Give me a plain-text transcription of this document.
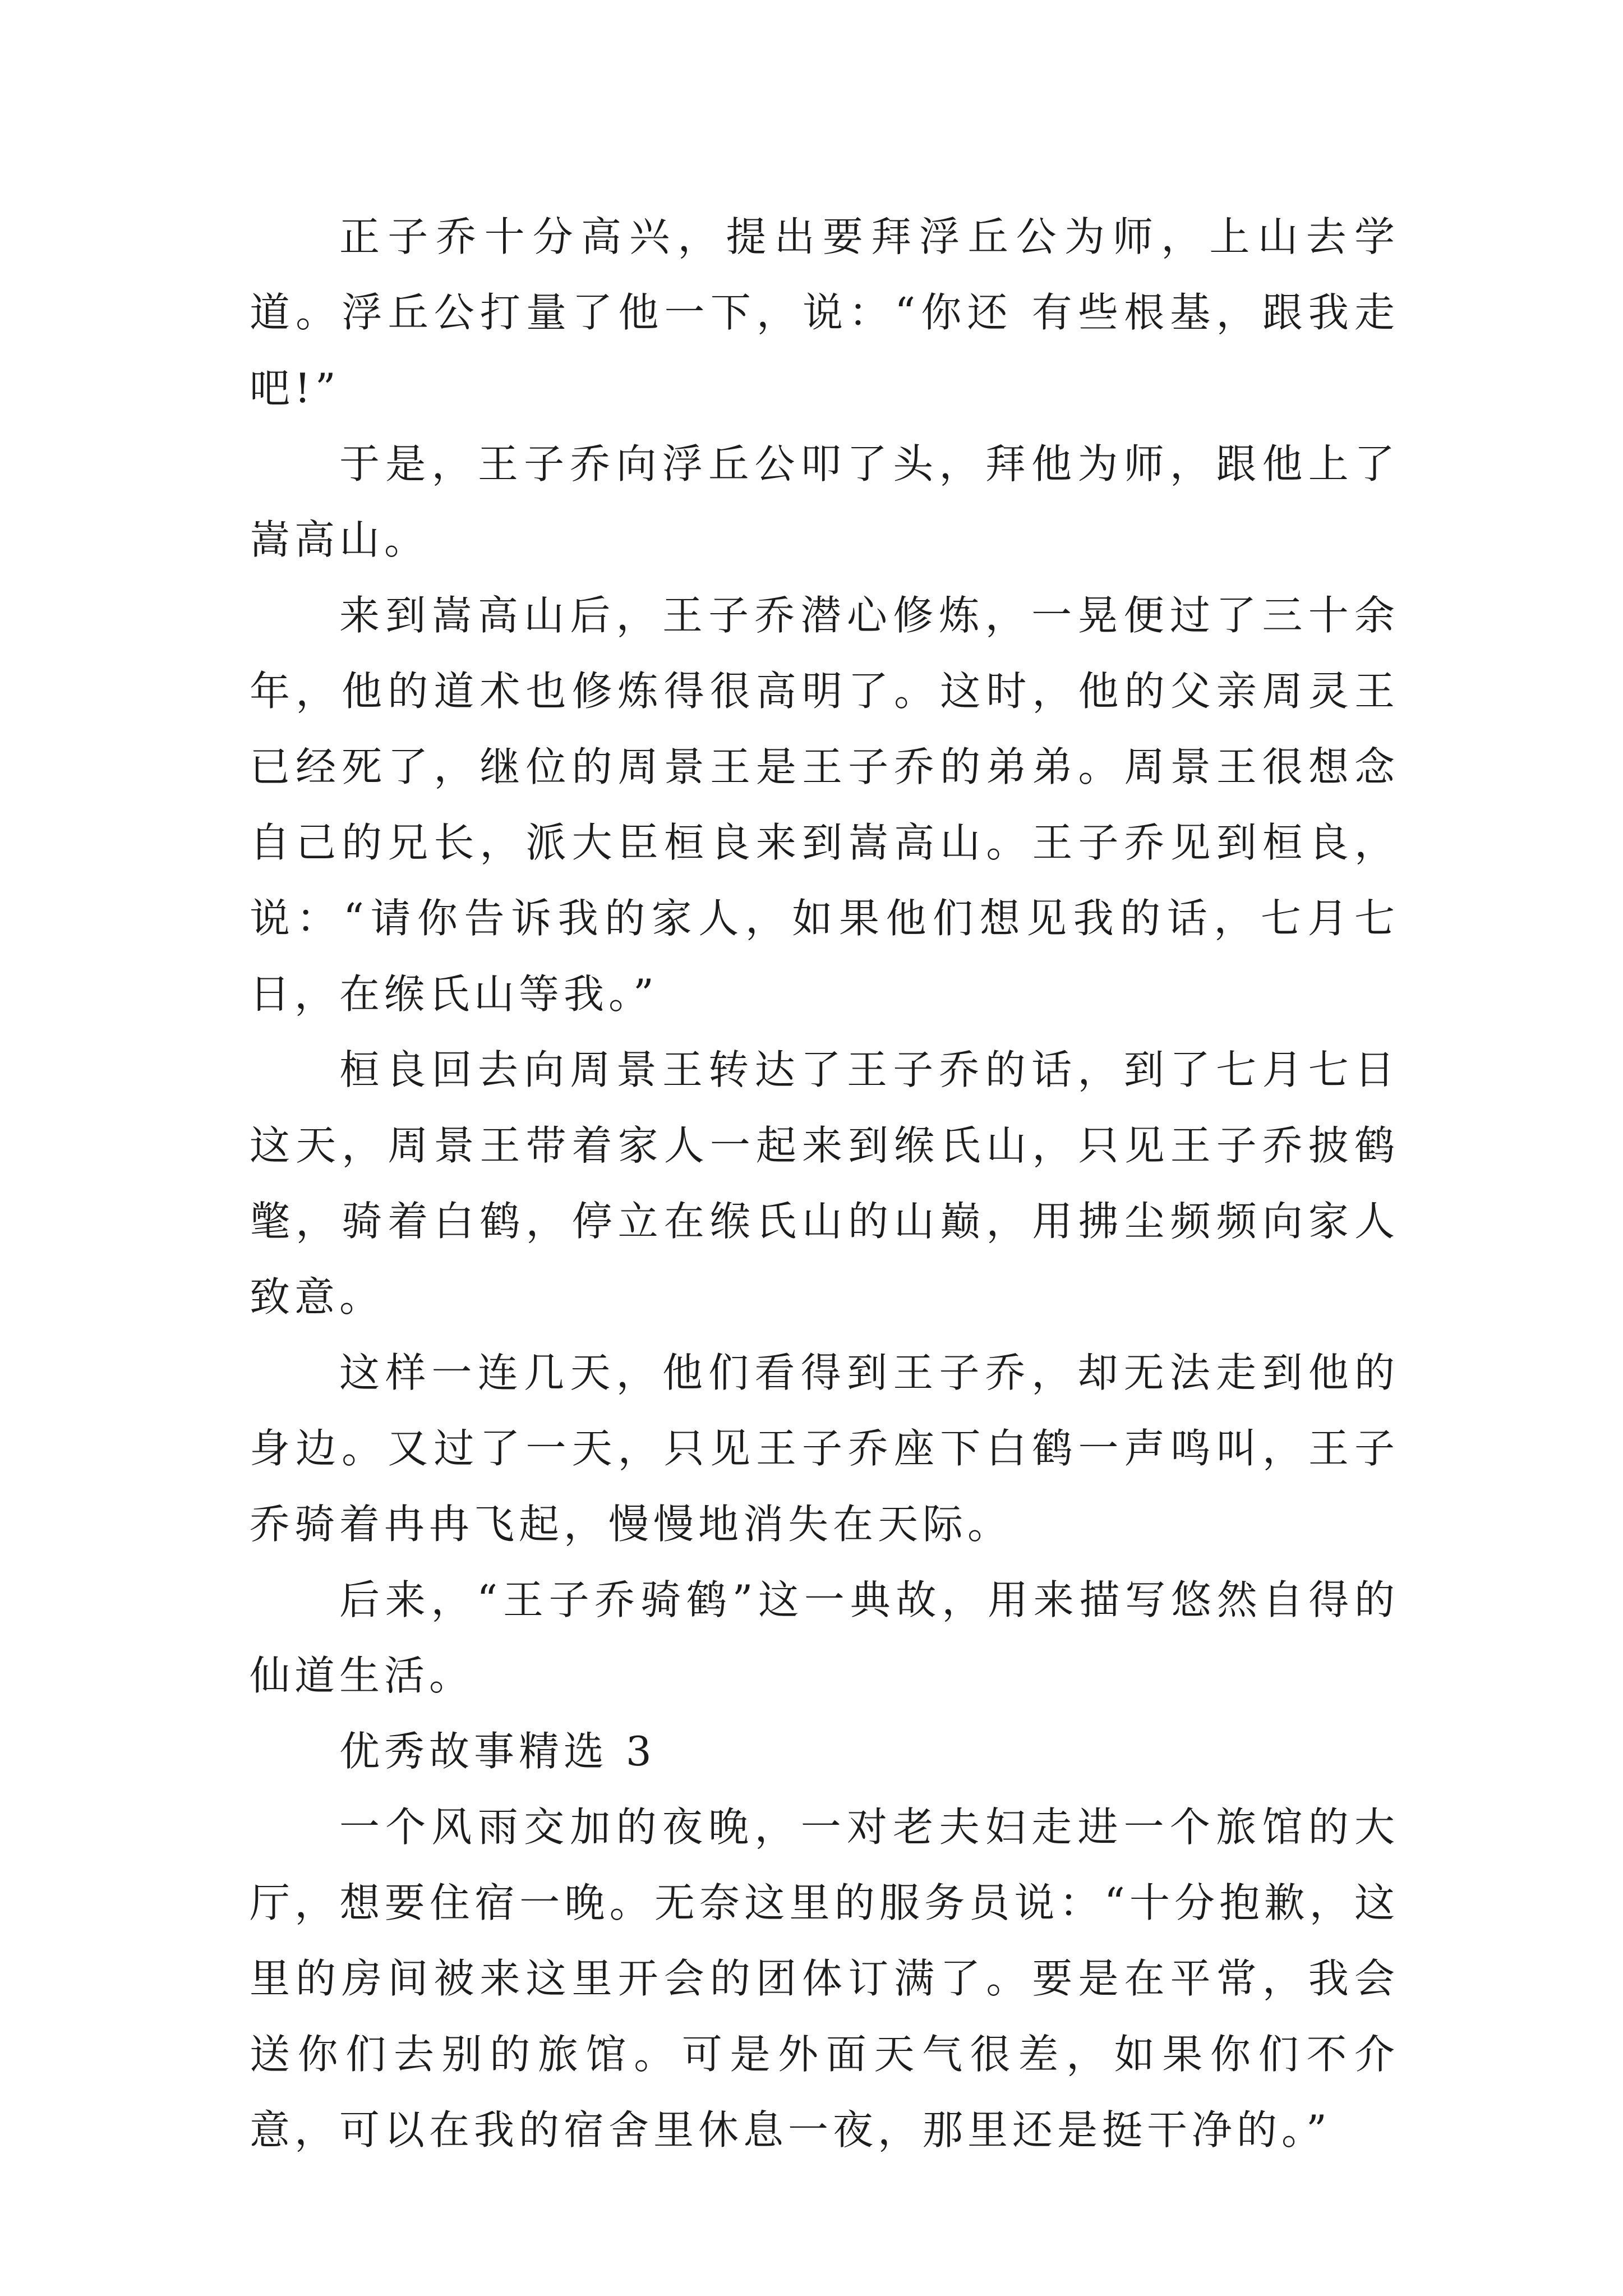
正子乔十分高兴，提出要拜浮丘公为师，上山去学道。浮丘公打量了他一下，说：“你还 有些根基，跟我走吧!”

于是，王子乔向浮丘公叩了头，拜他为师，跟他上了嵩高山。

来到嵩高山后，王子乔潜心修炼，一晃便过了三十余年，他的道术也修炼得很高明了。这时，他的父亲周灵王已经死了，继位的周景王是王子乔的弟弟。周景王很想念自己的兄长，派大臣桓良来到嵩高山。王子乔见到桓良，说：“请你告诉我的家人，如果他们想见我的话，七月七日，在缑氏山等我。”

桓良回去向周景王转达了王子乔的话，到了七月七日这天，周景王带着家人一起来到缑氏山，只见王子乔披鹤氅，骑着白鹤，停立在缑氏山的山巅，用拂尘频频向家人致意。

这样一连几天，他们看得到王子乔，却无法走到他的身边。又过了一天，只见王子乔座下白鹤一声鸣叫，王子乔骑着冉冉飞起，慢慢地消失在天际。

后来，“王子乔骑鹤”这一典故，用来描写悠然自得的仙道生活。

优秀故事精选 3

一个风雨交加的夜晚，一对老夫妇走进一个旅馆的大厅，想要住宿一晚。无奈这里的服务员说：“十分抱歉，这里的房间被来这里开会的团体订满了。要是在平常，我会送你们去别的旅馆。可是外面天气很差，如果你们不介意，可以在我的宿舍里休息一夜，那里还是挺干净的。”
